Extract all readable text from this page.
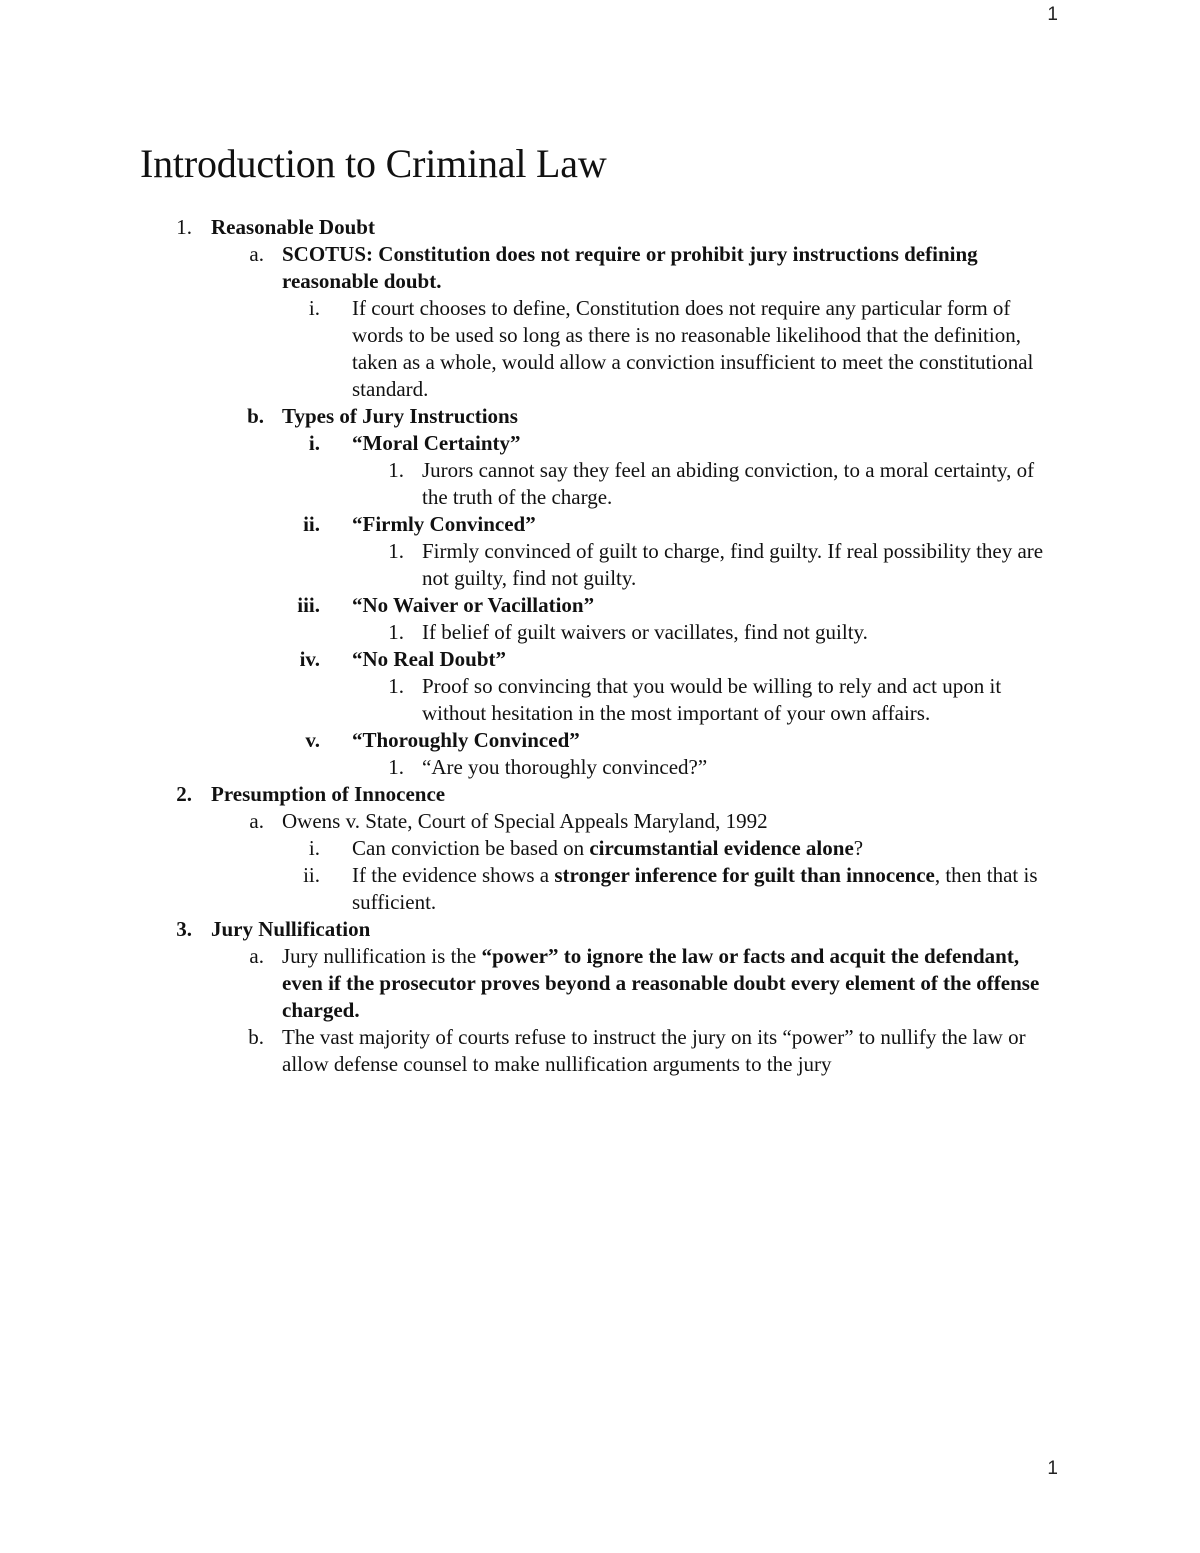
1
Introduction to Criminal Law
1. Reasonable Doubt
a. SCOTUS: Constitution does not require or prohibit jury instructions defining reasonable doubt.
i. If court chooses to define, Constitution does not require any particular form of words to be used so long as there is no reasonable likelihood that the definition, taken as a whole, would allow a conviction insufficient to meet the constitutional standard.
b. Types of Jury Instructions
i. “Moral Certainty”
1. Jurors cannot say they feel an abiding conviction, to a moral certainty, of the truth of the charge.
ii. “Firmly Convinced”
1. Firmly convinced of guilt to charge, find guilty. If real possibility they are not guilty, find not guilty.
iii. “No Waiver or Vacillation”
1. If belief of guilt waivers or vacillates, find not guilty.
iv. “No Real Doubt”
1. Proof so convincing that you would be willing to rely and act upon it without hesitation in the most important of your own affairs.
v. “Thoroughly Convinced”
1. “Are you thoroughly convinced?”
2. Presumption of Innocence
a. Owens v. State, Court of Special Appeals Maryland, 1992
i. Can conviction be based on circumstantial evidence alone?
ii. If the evidence shows a stronger inference for guilt than innocence, then that is sufficient.
3. Jury Nullification
a. Jury nullification is the “power” to ignore the law or facts and acquit the defendant, even if the prosecutor proves beyond a reasonable doubt every element of the offense charged.
b. The vast majority of courts refuse to instruct the jury on its “power” to nullify the law or allow defense counsel to make nullification arguments to the jury
1
